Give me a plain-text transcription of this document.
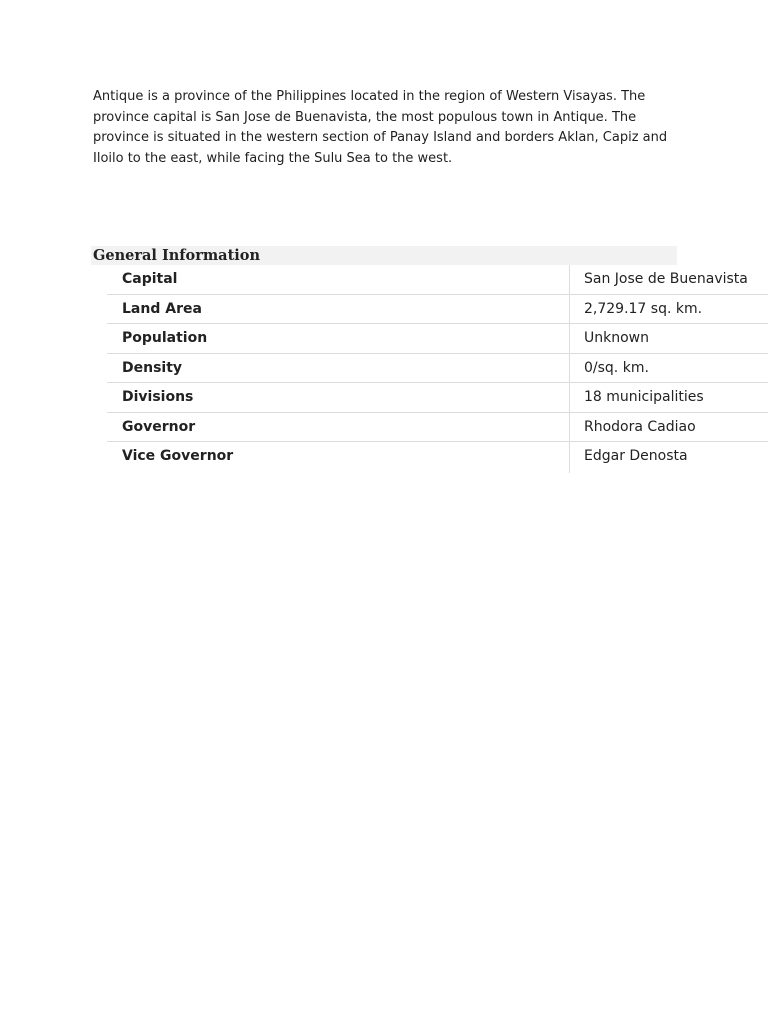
Antique is a province of the Philippines located in the region of Western Visayas. The province capital is San Jose de Buenavista, the most populous town in Antique. The province is situated in the western section of Panay Island and borders Aklan, Capiz and Iloilo to the east, while facing the Sulu Sea to the west.

General Information
Capital	San Jose de Buenavista
Land Area	2,729.17 sq. km.
Population	Unknown
Density	0/sq. km.
Divisions	18 municipalities
Governor	Rhodora Cadiao
Vice Governor	Edgar Denosta
